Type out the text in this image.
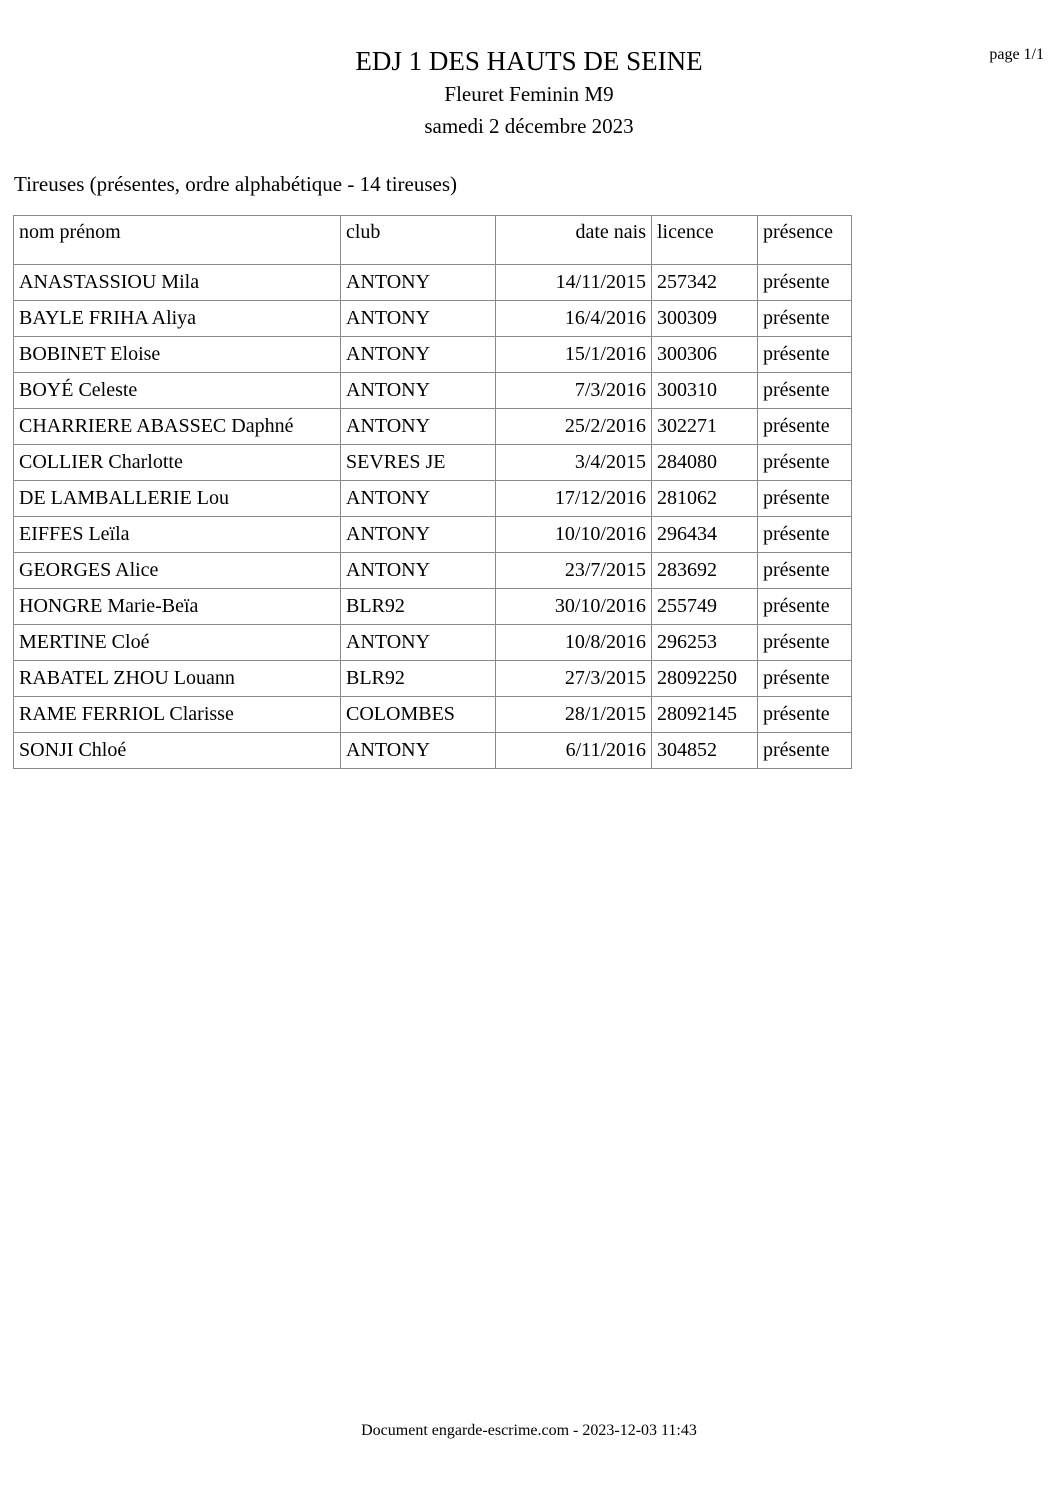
page 1/1
EDJ 1 DES HAUTS DE SEINE
Fleuret Feminin M9
samedi 2 décembre 2023
Tireuses (présentes, ordre alphabétique - 14 tireuses)
nom prénom	club	date nais	licence	présence
ANASTASSIOU Mila	ANTONY	14/11/2015	257342	présente
BAYLE FRIHA Aliya	ANTONY	16/4/2016	300309	présente
BOBINET Eloise	ANTONY	15/1/2016	300306	présente
BOYÉ Celeste	ANTONY	7/3/2016	300310	présente
CHARRIERE ABASSEC Daphné	ANTONY	25/2/2016	302271	présente
COLLIER Charlotte	SEVRES JE	3/4/2015	284080	présente
DE LAMBALLERIE Lou	ANTONY	17/12/2016	281062	présente
EIFFES Leïla	ANTONY	10/10/2016	296434	présente
GEORGES Alice	ANTONY	23/7/2015	283692	présente
HONGRE Marie-Beïa	BLR92	30/10/2016	255749	présente
MERTINE Cloé	ANTONY	10/8/2016	296253	présente
RABATEL ZHOU Louann	BLR92	27/3/2015	28092250	présente
RAME FERRIOL Clarisse	COLOMBES	28/1/2015	28092145	présente
SONJI Chloé	ANTONY	6/11/2016	304852	présente
Document engarde-escrime.com - 2023-12-03 11:43
